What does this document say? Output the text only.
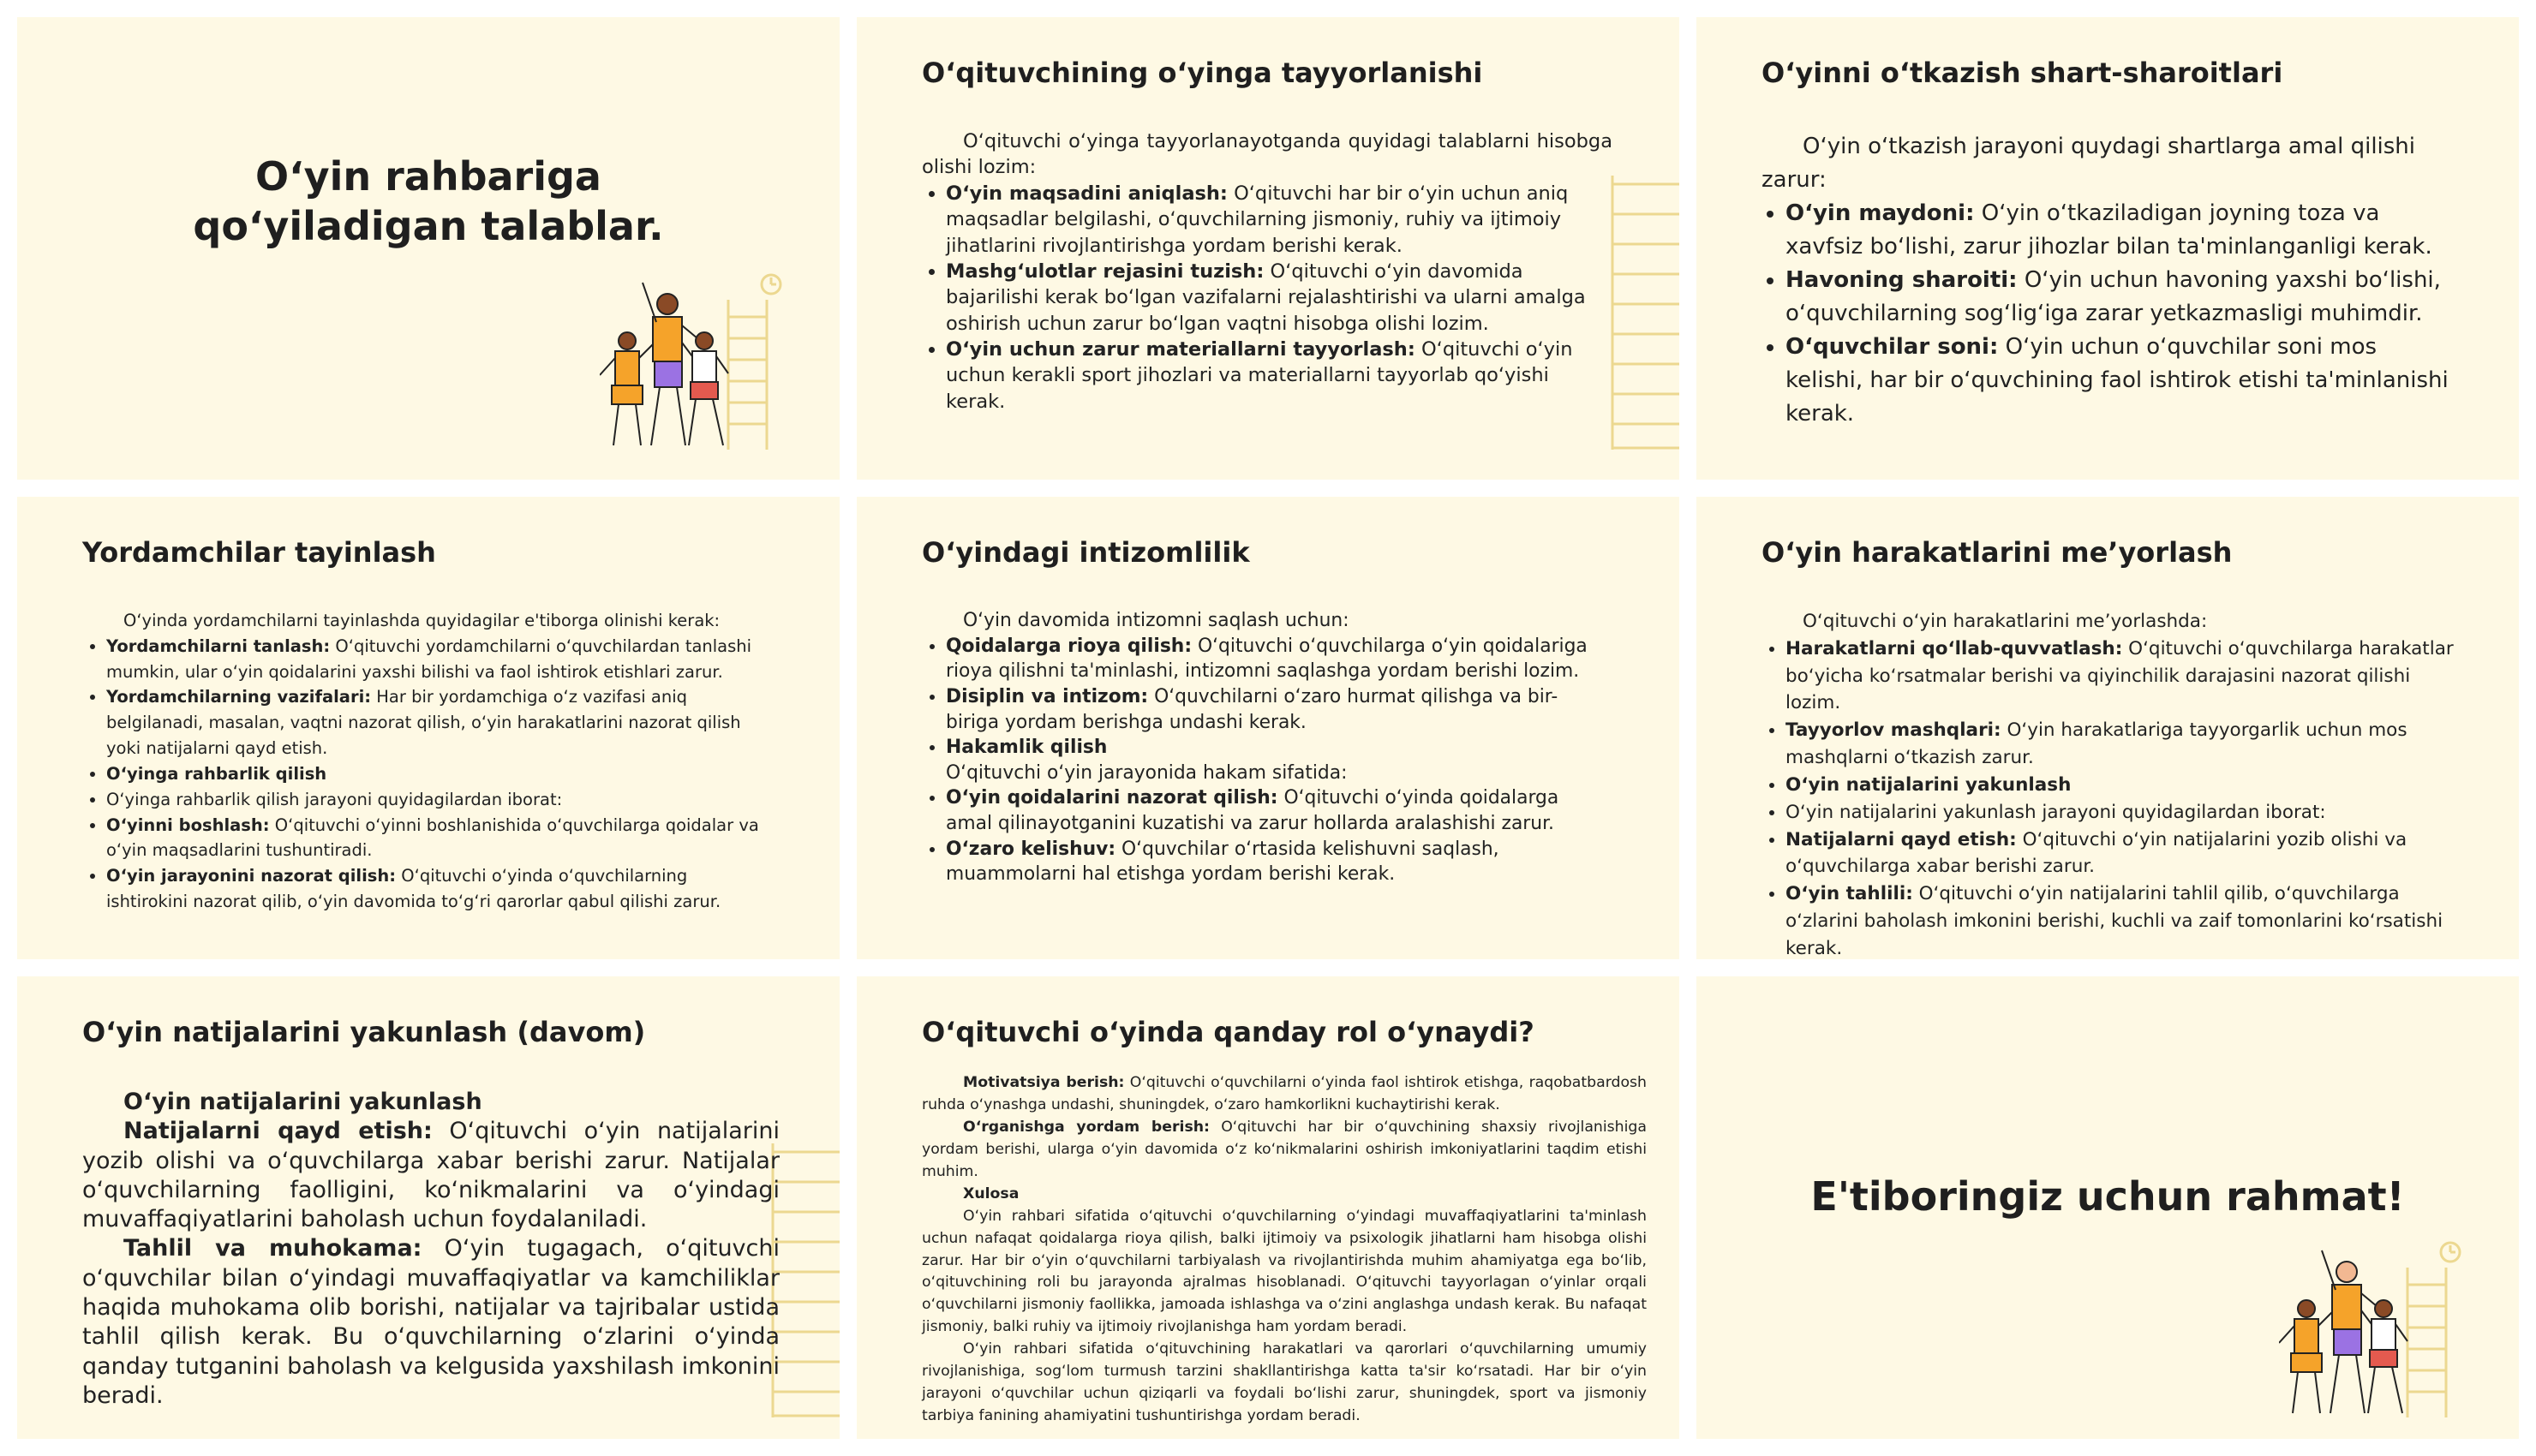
O‘yin rahbariga qo‘yiladigan talablar.
O‘qituvchining o‘yinga tayyorlanishi

O‘qituvchi o‘yinga tayyorlanayotganda quyidagi talablarni hisobga olishi lozim:

• O‘yin maqsadini aniqlash: O‘qituvchi har bir o‘yin uchun aniq maqsadlar belgilashi, o‘quvchilarning jismoniy, ruhiy va ijtimoiy jihatlarini rivojlantirishga yordam berishi kerak.
• Mashg‘ulotlar rejasini tuzish: O‘qituvchi o‘yin davomida bajarilishi kerak bo‘lgan vazifalarni rejalashtirishi va ularni amalga oshirish uchun zarur bo‘lgan vaqtni hisobga olishi lozim.
• O‘yin uchun zarur materiallarni tayyorlash: O‘qituvchi o‘yin uchun kerakli sport jihozlari va materiallarni tayyorlab qo‘yishi kerak.
O‘yinni o‘tkazish shart-sharoitlari

O‘yin o‘tkazish jarayoni quydagi shartlarga amal qilishi zarur:

• O‘yin maydoni: O‘yin o‘tkaziladigan joyning toza va xavfsiz bo‘lishi, zarur jihozlar bilan ta'minlanganligi kerak.
• Havoning sharoiti: O‘yin uchun havoning yaxshi bo‘lishi, o‘quvchilarning sog‘lig‘iga zarar yetkazmasligi muhimdir.
• O‘quvchilar soni: O‘yin uchun o‘quvchilar soni mos kelishi, har bir o‘quvchining faol ishtirok etishi ta'minlanishi kerak.
Yordamchilar tayinlash

O‘yinda yordamchilarni tayinlashda quyidagilar e'tiborga olinishi kerak:

• Yordamchilarni tanlash: O‘qituvchi yordamchilarni o‘quvchilardan tanlashi mumkin, ular o‘yin qoidalarini yaxshi bilishi va faol ishtirok etishlari zarur.
• Yordamchilarning vazifalari: Har bir yordamchiga o‘z vazifasi aniq belgilanadi, masalan, vaqtni nazorat qilish, o‘yin harakatlarini nazorat qilish yoki natijalarni qayd etish.
• O‘yinga rahbarlik qilish
• O‘yinga rahbarlik qilish jarayoni quyidagilardan iborat:
• O‘yinni boshlash: O‘qituvchi o‘yinni boshlanishida o‘quvchilarga qoidalar va o‘yin maqsadlarini tushuntiradi.
• O‘yin jarayonini nazorat qilish: O‘qituvchi o‘yinda o‘quvchilarning ishtirokini nazorat qilib, o‘yin davomida to‘g‘ri qarorlar qabul qilishi zarur.
O‘yindagi intizomlilik

O‘yin davomida intizomni saqlash uchun:

• Qoidalarga rioya qilish: O‘qituvchi o‘quvchilarga o‘yin qoidalariga rioya qilishni ta'minlashi, intizomni saqlashga yordam berishi lozim.
• Disiplin va intizom: O‘quvchilarni o‘zaro hurmat qilishga va bir-biriga yordam berishga undashi kerak.
• Hakamlik qilish
O‘qituvchi o‘yin jarayonida hakam sifatida:
• O‘yin qoidalarini nazorat qilish: O‘qituvchi o‘yinda qoidalarga amal qilinayotganini kuzatishi va zarur hollarda aralashishi zarur.
• O‘zaro kelishuv: O‘quvchilar o‘rtasida kelishuvni saqlash, muammolarni hal etishga yordam berishi kerak.
O‘yin harakatlarini me’yorlash

O‘qituvchi o‘yin harakatlarini me’yorlashda:

• Harakatlarni qo‘llab-quvvatlash: O‘qituvchi o‘quvchilarga harakatlar bo‘yicha ko‘rsatmalar berishi va qiyinchilik darajasini nazorat qilishi lozim.
• Tayyorlov mashqlari: O‘yin harakatlariga tayyorgarlik uchun mos mashqlarni o‘tkazish zarur.
• O‘yin natijalarini yakunlash
• O‘yin natijalarini yakunlash jarayoni quyidagilardan iborat:
• Natijalarni qayd etish: O‘qituvchi o‘yin natijalarini yozib olishi va o‘quvchilarga xabar berishi zarur.
• O‘yin tahlili: O‘qituvchi o‘yin natijalarini tahlil qilib, o‘quvchilarga o‘zlarini baholash imkonini berishi, kuchli va zaif tomonlarini ko‘rsatishi kerak.
O‘yin natijalarini yakunlash (davom)

O‘yin natijalarini yakunlash

Natijalarni qayd etish: O‘qituvchi o‘yin natijalarini yozib olishi va o‘quvchilarga xabar berishi zarur. Natijalar o‘quvchilarning faolligini, ko‘nikmalarini va o‘yindagi muvaffaqiyatlarini baholash uchun foydalaniladi.

Tahlil va muhokama: O‘yin tugagach, o‘qituvchi o‘quvchilar bilan o‘yindagi muvaffaqiyatlar va kamchiliklar haqida muhokama olib borishi, natijalar va tajribalar ustida tahlil qilish kerak. Bu o‘quvchilarning o‘zlarini o‘yinda qanday tutganini baholash va kelgusida yaxshilash imkonini beradi.

O‘qituvchi o‘yinda qanday rol o‘ynaydi?

Motivatsiya berish: O‘qituvchi o‘quvchilarni o‘yinda faol ishtirok etishga, raqobatbardosh ruhda o‘ynashga undashi, shuningdek, o‘zaro hamkorlikni kuchaytirishi kerak.

O‘rganishga yordam berish: O‘qituvchi har bir o‘quvchining shaxsiy rivojlanishiga yordam berishi, ularga o‘yin davomida o‘z ko‘nikmalarini oshirish imkoniyatlarini taqdim etishi muhim.

Xulosa

O‘yin rahbari sifatida o‘qituvchi o‘quvchilarning o‘yindagi muvaffaqiyatlarini ta'minlash uchun nafaqat qoidalarga rioya qilish, balki ijtimoiy va psixologik jihatlarni ham hisobga olishi zarur. Har bir o‘yin o‘quvchilarni tarbiyalash va rivojlantirishda muhim ahamiyatga ega bo‘lib, o‘qituvchining roli bu jarayonda ajralmas hisoblanadi. O‘qituvchi tayyorlagan o‘yinlar orqali o‘quvchilarni jismoniy faollikka, jamoada ishlashga va o‘zini anglashga undash kerak. Bu nafaqat jismoniy, balki ruhiy va ijtimoiy rivojlanishga ham yordam beradi.

O‘yin rahbari sifatida o‘qituvchining harakatlari va qarorlari o‘quvchilarning umumiy rivojlanishiga, sog‘lom turmush tarzini shakllantirishga katta ta'sir ko‘rsatadi. Har bir o‘yin jarayoni o‘quvchilar uchun qiziqarli va foydali bo‘lishi zarur, shuningdek, sport va jismoniy tarbiya fanining ahamiyatini tushuntirishga yordam beradi.

E'tiboringiz uchun rahmat!
